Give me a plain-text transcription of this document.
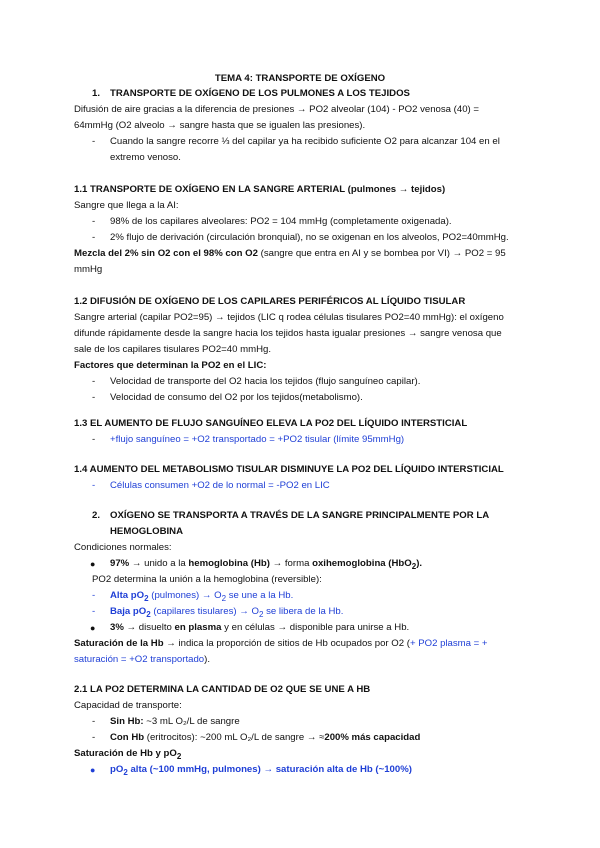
TEMA 4: TRANSPORTE DE OXÍGENO
1. TRANSPORTE DE OXÍGENO DE LOS PULMONES A LOS TEJIDOS
Difusión de aire gracias a la diferencia de presiones → PO2 alveolar (104) - PO2 venosa (40) =
64mmHg (O2 alveolo → sangre hasta que se igualen las presiones).
- Cuando la sangre recorre ⅓ del capilar ya ha recibido suficiente O2 para alcanzar 104 en el
extremo venoso.
1.1 TRANSPORTE DE OXÍGENO EN LA SANGRE ARTERIAL (pulmones → tejidos)
Sangre que llega a la AI:
- 98% de los capilares alveolares: PO2 = 104 mmHg (completamente oxigenada).
- 2% flujo de derivación (circulación bronquial), no se oxigenan en los alveolos, PO2=40mmHg.
Mezcla del 2% sin O2 con el 98% con O2 (sangre que entra en AI y se bombea por VI) → PO2 = 95
mmHg
1.2 DIFUSIÓN DE OXÍGENO DE LOS CAPILARES PERIFÉRICOS AL LÍQUIDO TISULAR
Sangre arterial (capilar PO2=95) → tejidos (LIC q rodea células tisulares PO2=40 mmHg): el oxígeno
difunde rápidamente desde la sangre hacia los tejidos hasta igualar presiones → sangre venosa que
sale de los capilares tisulares PO2=40 mmHg.
Factores que determinan la PO2 en el LIC:
- Velocidad de transporte del O2 hacia los tejidos (flujo sanguíneo capilar).
- Velocidad de consumo del O2 por los tejidos(metabolismo).
1.3 EL AUMENTO DE FLUJO SANGUÍNEO ELEVA LA PO2 DEL LÍQUIDO INTERSTICIAL
- +flujo sanguíneo = +O2 transportado = +PO2 tisular (límite 95mmHg)
1.4 AUMENTO DEL METABOLISMO TISULAR DISMINUYE LA PO2 DEL LÍQUIDO INTERSTICIAL
- Células consumen +O2 de lo normal = -PO2 en LIC
2. OXÍGENO SE TRANSPORTA A TRAVÉS DE LA SANGRE PRINCIPALMENTE POR LA
HEMOGLOBINA
Condiciones normales:
● 97% → unido a la hemoglobina (Hb) → forma oxihemoglobina (HbO$_2$).
PO2 determina la unión a la hemoglobina (reversible):
- Alta $pO_2$ (pulmones) → $O_2$ se une a la Hb.
- Baja $pO_2$ (capilares tisulares) → $O_2$ se libera de la Hb.
● 3% → disuelto en plasma y en células → disponible para unirse a Hb.
Saturación de la Hb → indica la proporción de sitios de Hb ocupados por O2 (+ PO2 plasma = +
saturación = +O2 transportado).
2.1 LA PO2 DETERMINA LA CANTIDAD DE O2 QUE SE UNE A HB
Capacidad de transporte:
- Sin Hb: ~3 mL O₂/L de sangre
- Con Hb (eritrocitos): ~200 mL O₂/L de sangre → ≈200% más capacidad
Saturación de Hb y $pO_2$
● $pO_2$ alta (~100 mmHg, pulmones) → saturación alta de Hb (~100%)
